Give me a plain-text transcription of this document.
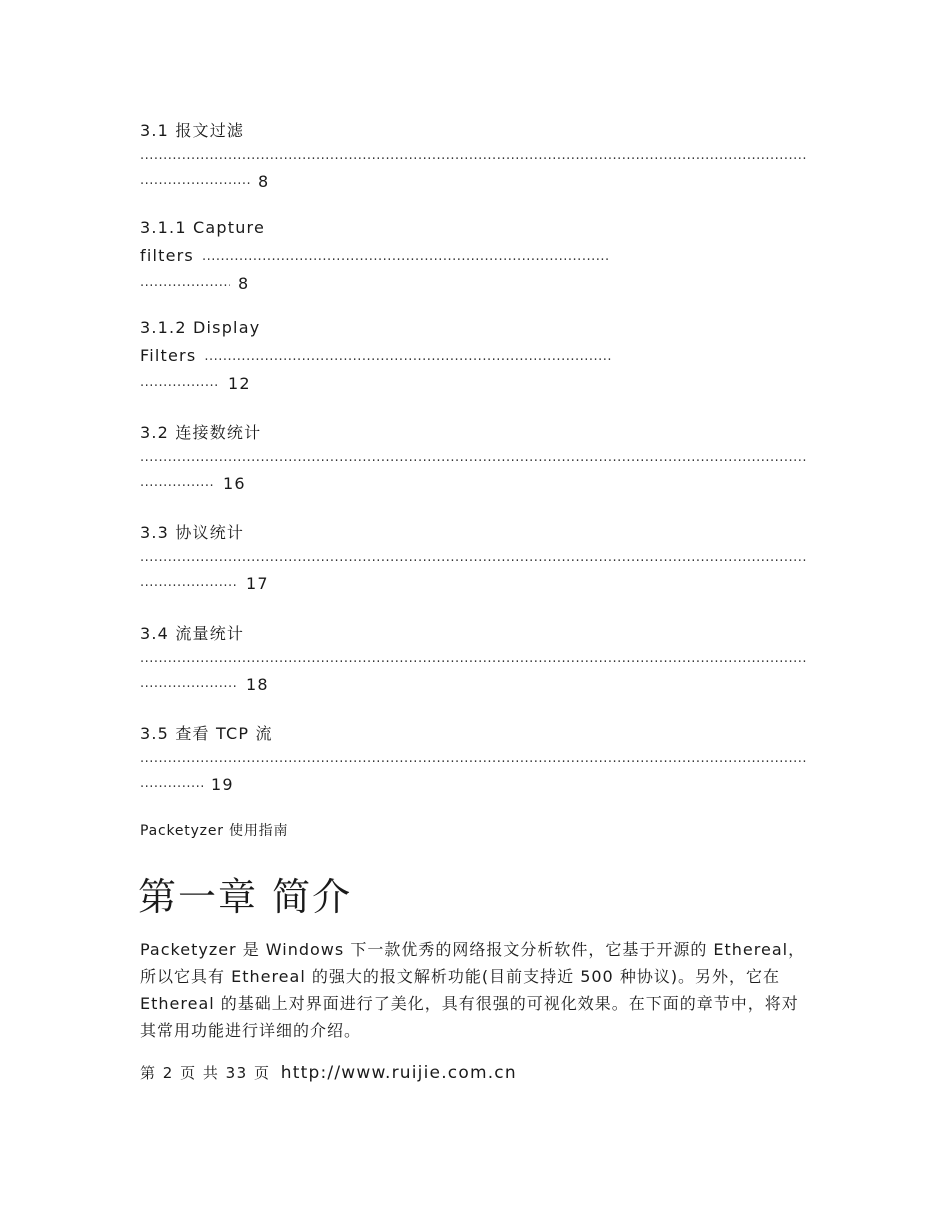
3.1 报文过滤
.....
.....
8
3.1.1 Capture
filters
.....
.....
8
3.1.2 Display
Filters
.....
.....
12
3.2 连接数统计
.....
.....
16
3.3 协议统计
.....
.....
17
3.4 流量统计
.....
.....
18
3.5 查看 TCP 流
.....
.....
19
Packetyzer 使用指南
第一章 简介

Packetyzer 是 Windows 下一款优秀的网络报文分析软件，它基于开源的 Ethereal，所以它具有 Ethereal 的强大的报文解析功能(目前支持近 500 种协议)。另外，它在 Ethereal 的基础上对界面进行了美化，具有很强的可视化效果。在下面的章节中，将对其常用功能进行详细的介绍。

第 2 页 共 33 页 http://www.ruijie.com.cn
